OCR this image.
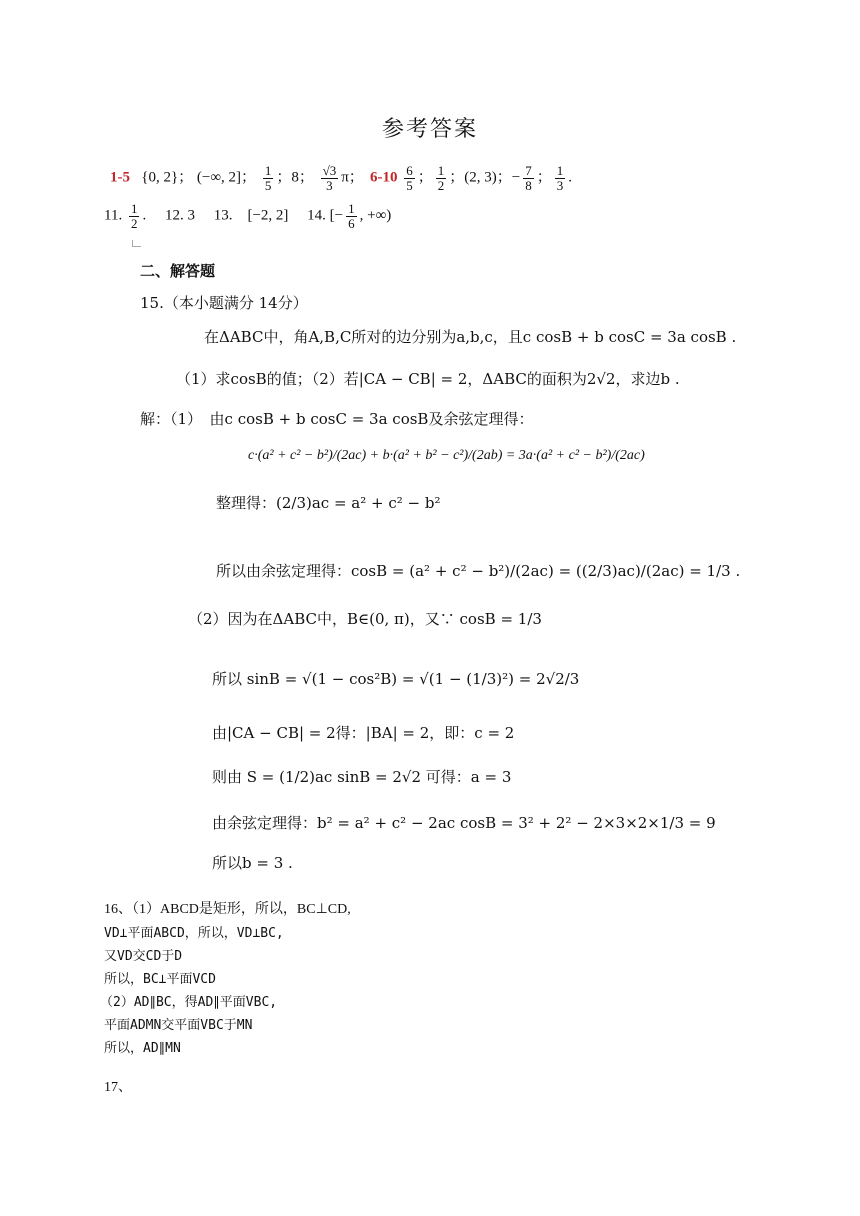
参考答案
1-5 {0, 2}； (−∞, 2]； $\frac{1}{5}$ ；8； $\frac{√3}{3}$ π； $6-10 \frac{6}{5}$ ； $\frac{1}{2}$ ；(2, 3)；− $\frac{7}{8}$ ； $\frac{1}{3}$ .
11. $\frac{1}{2}$ .     12. 3 13.　[−2, 2] 14. [− $\frac{1}{6}$ , +∞)
二、解答题
15.（本小题满分 14分）
在ΔABC中，角A,B,C所对的边分别为a,b,c，且c cosB + b cosC = 3a cosB .
（1）求cosB的值；（2）若|CA − CB| = 2，ΔABC的面积为2√2，求边b .
解：（1）　由c cosB + b cosC = 3a cosB及余弦定理得：
c·(a² + c² − b²)/(2ac) + b·(a² + b² − c²)/(2ab) = 3a·(a² + c² − b²)/(2ac)
整理得：(2/3)ac = a² + c² − b²
所以由余弦定理得：cosB = (a² + c² − b²)/(2ac) = ((2/3)ac)/(2ac) = 1/3 .
（2）因为在ΔABC中，B∈(0, π)，又∵ cosB = 1/3
所以 sinB = √(1 − cos²B) = √(1 − (1/3)²) = 2√2/3
由|CA − CB| = 2得：|BA| = 2，即：c = 2
则由 S = (1/2)ac sinB = 2√2 可得：a = 3
由余弦定理得：b² = a² + c² − 2ac cosB = 3² + 2² − 2×3×2×1/3 = 9
所以b = 3 .
16、（1）ABCD是矩形，所以，BC⊥CD,
VD⊥平面ABCD，所以，VD⊥BC,
又VD交CD于D
所以，BC⊥平面VCD
（2）AD∥BC，得AD∥平面VBC,
平面ADMN交平面VBC于MN
所以，AD∥MN
17、
